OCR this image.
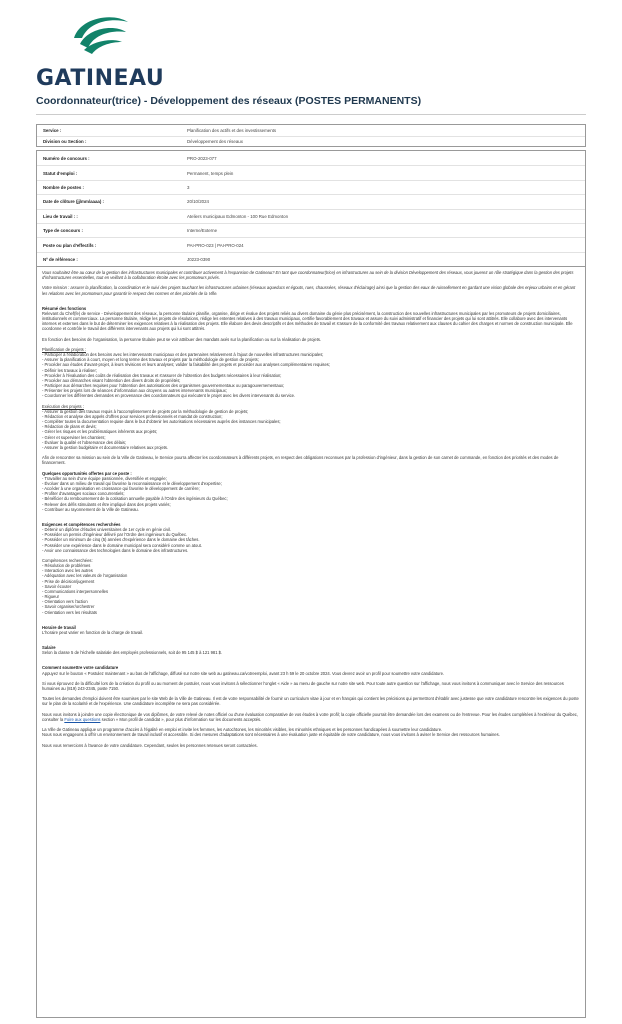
GATINEAU
Coordonnateur(trice) - Développement des réseaux (POSTES PERMANENTS)
Service :	Planification des actifs et des investissements
Division ou Section :	Développement des réseaux
Numéro de concours :	PRO-2023-077
Statut d'emploi :	Permanent, temps plein
Nombre de postes :	3
Date de clôture (jj/mm/aaaa) :	20/10/2024
Lieu de travail : :	Ateliers municipaux Edmonton - 100 Rue Edmonton
Type de concours :	Interne/Externe
Poste ou plan d'effectifs :	PAI-PRO-023 | PAI-PRO-024
Nº de référence :	J0223-0390

Vous souhaitez être au cœur de la gestion des infrastructures municipales et contribuer activement à l'expansion de Gatineau? En tant que coordonnateur(trice) en infrastructures au sein de la division Développement des réseaux, vous jouerez un rôle stratégique dans la gestion des projets d'infrastructures essentielles, tout en veillant à la collaboration étroite avec les promoteurs privés.

Votre mission : assurer la planification, la coordination et le suivi des projets touchant les infrastructures urbaines (réseaux aqueducs et égouts, rues, chaussées, réseaux d'éclairage) ainsi que la gestion des eaux de ruissellement en gardant une vision globale des enjeux urbains et en gérant les relations avec les promoteurs pour garantir le respect des normes et des priorités de la Ville.

Résumé des fonctions

Relevant du Chef(fe) de service - Développement des réseaux, la personne titulaire planifie, organise, dirige et évalue des projets reliés au divers domaine du génie plus précisément, la construction des nouvelles infrastructures municipales par les promoteurs de projets domiciliaires, institutionnels et commerciaux. La personne titulaire, rédige les projets de résolutions, rédige les ententes relatives à des travaux municipaux, certifie favorablement des travaux et assure du suivi administratif et financier des projets qui lui sont attitrés. Elle collabore avec des intervenants internes et externes dans le but de déterminer les exigences relatives à la réalisation des projets. Elle élabore des devis descriptifs et des méthodes de travail et s'assure de la conformité des travaux relativement aux clauses du cahier des charges et normes de construction municipale. Elle coordonne et contrôle le travail des différents intervenants aux projets qui lui sont attitrés.

En fonction des besoins de l'organisation, la personne titulaire peut se voir attribuer des mandats axés sur la planification ou sur la réalisation de projets.

Planification de projets :

- Participer à l'élaboration des besoins avec les intervenants municipaux et des partenaires relativement à l'ajout de nouvelles infrastructures municipales;

- Assurer la planification à court, moyen et long terme des travaux et projets par la méthodologie de gestion de projets;

- Procéder aux études d'avant-projet, à leurs révisions et leurs analyses; valider la faisabilité des projets et procéder aux analyses complémentaires requises;

- Définir les travaux à réaliser;

- Procéder à l'évaluation des coûts de réalisation des travaux et s'assurer de l'obtention des budgets nécessaires à leur réalisation;

- Procéder aux démarches visant l'obtention des divers droits de propriétés;

- Participer aux démarches requises pour l'obtention des autorisations des organismes gouvernementaux ou paragouvernementaux;

- Présenter les projets lors de séances d'information aux citoyens ou autres intervenants municipaux;

- Coordonner les différentes demandes en provenance des coordonnateurs qui exécutent le projet avec les divers intervenants du service.

Exécution des projets :

- Assurer la gestion des travaux requis à l'accomplissement de projets par la méthodologie de gestion de projets;

- Rédaction et analyse des appels d'offres pour services professionnels et mandat de construction;

- Compléter toutes la documentation requise dans le but d'obtenir les autorisations nécessaires auprès des instances municipales;

- Rédaction de plans et devis;

- Gérer les risques et les problématiques inhérents aux projets;

- Gérer et superviser les chantiers;

- Évaluer la qualité et l'observance des délais;

- Assurer la gestion budgétaire et documentaire relatives aux projets.

Afin de rencontrer sa mission au sein de la Ville de Gatineau, le Service pourra affecter les coordonnateurs à différents projets, en respect des obligations reconnues par la profession d'ingénieur, dans la gestion de son carnet de commande, en fonction des priorités et des modes de financement.

Quelques opportunités offertes par ce poste :

- Travailler au sein d'une équipe passionnée, diversifiée et engagée;

- Évoluer dans un milieu de travail qui favorise la reconnaissance et le développement d'expertise;

- Accéder à une organisation en croissance qui favorise le développement de carrière;

- Profiter d'avantages sociaux concurrentiels;

- Bénéficier du remboursement de la cotisation annuelle payable à l'Ordre des ingénieurs du Québec;

- Relever des défis stimulants et être impliqué dans des projets variés;

- Contribuer au rayonnement de la Ville de Gatineau.

Exigences et compétences recherchées

- Détenir un diplôme d'études universitaires de 1er cycle en génie civil.

- Posséder un permis d'ingénieur délivré par l'Ordre des ingénieurs du Québec.

- Posséder un minimum de cinq (5) années d'expérience dans le domaine des tâches.

- Posséder une expérience dans le domaine municipal sera considéré comme un atout.

- Avoir une connaissance des technologies dans le domaine des infrastructures.

Compétences recherchées:

- Résolution de problèmes

- Interaction avec les autres

- Adéquation avec les valeurs de l'organisation

- Prise de décision/jugement

- Savoir écouter

- Communications interpersonnelles

- Rigueur

- Orientation vers l'action

- Savoir organiser/orchestrer

- Orientation vers les résultats

Horaire de travail

L'horaire peut varier en fonction de la charge de travail.

Salaire

Selon la classe 5 de l'échelle salariale des employés professionnels, soit de 95 145 $ à 121 981 $.

Comment soumettre votre candidature

Appuyez sur le bouton « Postulez maintenant » au bas de l'affichage, diffusé sur notre site web au gatineau.ca/votreemploi, avant 23 h 59 le 20 octobre 2024. Vous devrez avoir un profil pour soumettre votre candidature.

Si vous éprouvez de la difficulté lors de la création du profil ou au moment de postuler, nous vous invitons à sélectionner l'onglet « Aide » au menu de gauche sur notre site web. Pour toute autre question sur l'affichage, nous vous invitons à communiquer avec le Service des ressources humaines au (819) 243-2345, poste 7150.

Toutes les demandes d'emploi doivent être soumises par le site Web de la Ville de Gatineau. Il est de votre responsabilité de fournir un curriculum vitae à jour et en français qui contient les précisions qui permettront d'établir avec justesse que votre candidature rencontre les exigences du poste sur le plan de la scolarité et de l'expérience. Une candidature incomplète ne sera pas considérée.

Nous vous invitons à joindre une copie électronique de vos diplômes, de votre relevé de notes officiel ou d'une évaluation comparative de vos études à votre profil; la copie officielle pourrait être demandée lors des examens ou de l'entrevue. Pour les études complétées à l'extérieur du Québec, consulter la Foire aux questions section « Mon profil de candidat », pour plus d'information sur les documents acceptés.

La Ville de Gatineau applique un programme d'accès à l'égalité en emploi et invite les femmes, les Autochtones, les minorités visibles, les minorités ethniques et les personnes handicapées à soumettre leur candidature.

Nous nous engageons à offrir un environnement de travail inclusif et accessible. Si des mesures d'adaptations sont nécessaires à une évaluation juste et équitable de votre candidature, nous vous invitons à aviser le Service des ressources humaines.

Nous vous remercions à l'avance de votre candidature. Cependant, seules les personnes retenues seront contactées.
